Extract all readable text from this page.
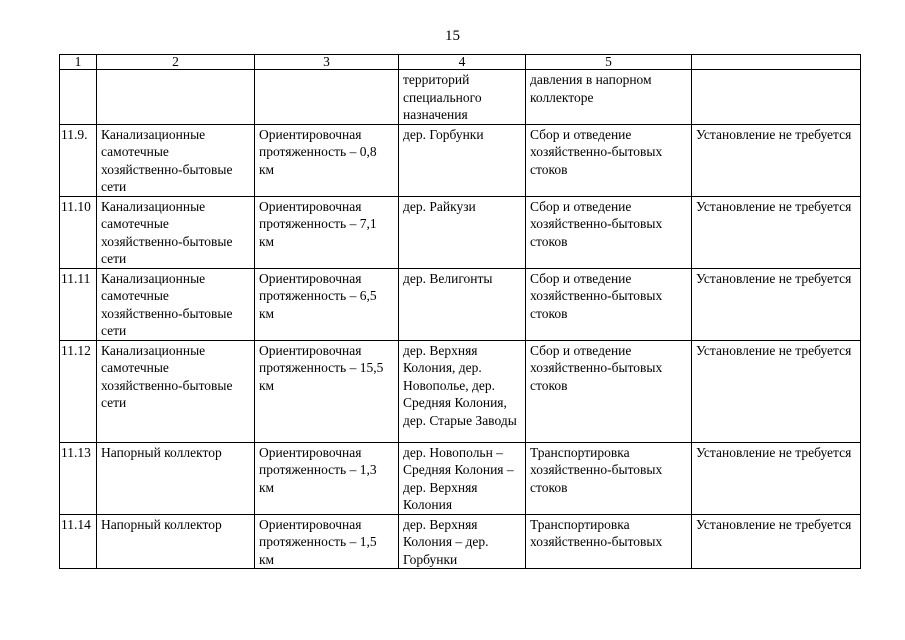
15
1	2	3	4	5	
			территорий специального назначения	давления в напорном коллекторе	
11.9.	Канализационные самотечные хозяйственно-бытовые сети	Ориентировочная протяженность – 0,8 км	дер. Горбунки	Сбор и отведение хозяйственно-бытовых стоков	Установление не требуется
11.10	Канализационные самотечные хозяйственно-бытовые сети	Ориентировочная протяженность – 7,1 км	дер. Райкузи	Сбор и отведение хозяйственно-бытовых стоков	Установление не требуется
11.11	Канализационные самотечные хозяйственно-бытовые сети	Ориентировочная протяженность – 6,5 км	дер. Велигонты	Сбор и отведение хозяйственно-бытовых стоков	Установление не требуется
11.12	Канализационные самотечные хозяйственно-бытовые сети	Ориентировочная протяженность – 15,5 км	дер. Верхняя Колония, дер. Новополье, дер. Средняя Колония, дер. Старые Заводы	Сбор и отведение хозяйственно-бытовых стоков	Установление не требуется
11.13	Напорный коллектор	Ориентировочная протяженность – 1,3 км	дер. Новопольн – Средняя Колония – дер. Верхняя Колония	Транспортировка хозяйственно-бытовых стоков	Установление не требуется
11.14	Напорный коллектор	Ориентировочная протяженность – 1,5 км	дер. Верхняя Колония – дер. Горбунки	Транспортировка хозяйственно-бытовых	Установление не требуется
